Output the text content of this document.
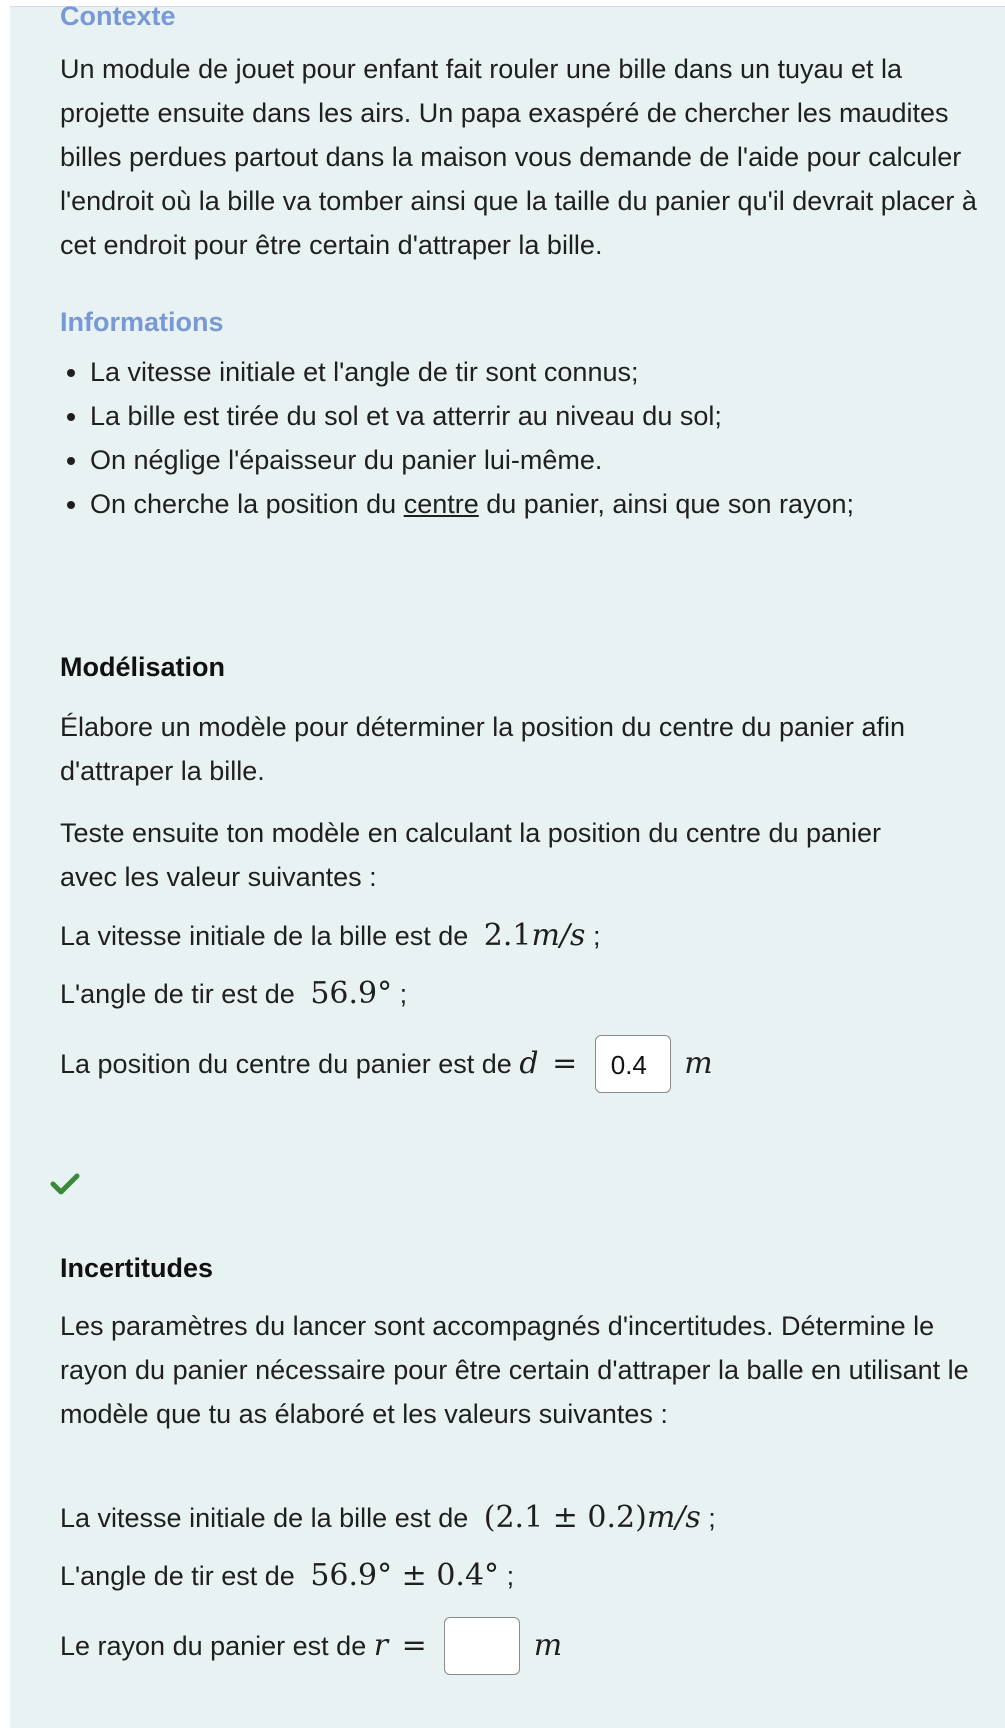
Contexte

Un module de jouet pour enfant fait rouler une bille dans un tuyau et la projette ensuite dans les airs. Un papa exaspéré de chercher les maudites billes perdues partout dans la maison vous demande de l'aide pour calculer l'endroit où la bille va tomber ainsi que la taille du panier qu'il devrait placer à cet endroit pour être certain d'attraper la bille.

Informations
• La vitesse initiale et l'angle de tir sont connus;
• La bille est tirée du sol et va atterrir au niveau du sol;
• On néglige l'épaisseur du panier lui-même.
• On cherche la position du centre du panier, ainsi que son rayon;
Modélisation

Élabore un modèle pour déterminer la position du centre du panier afin d'attraper la bille.

Teste ensuite ton modèle en calculant la position du centre du panier avec les valeur suivantes :

La vitesse initiale de la bille est de 2.1m/s ;

L'angle de tir est de 56.9° ;

La position du centre du panier est de d = 0.4 m
Incertitudes

Les paramètres du lancer sont accompagnés d'incertitudes. Détermine le rayon du panier nécessaire pour être certain d'attraper la balle en utilisant le modèle que tu as élaboré et les valeurs suivantes :

La vitesse initiale de la bille est de (2.1 ± 0.2)m/s ;

L'angle de tir est de 56.9° ± 0.4° ;

Le rayon du panier est de r =	m
